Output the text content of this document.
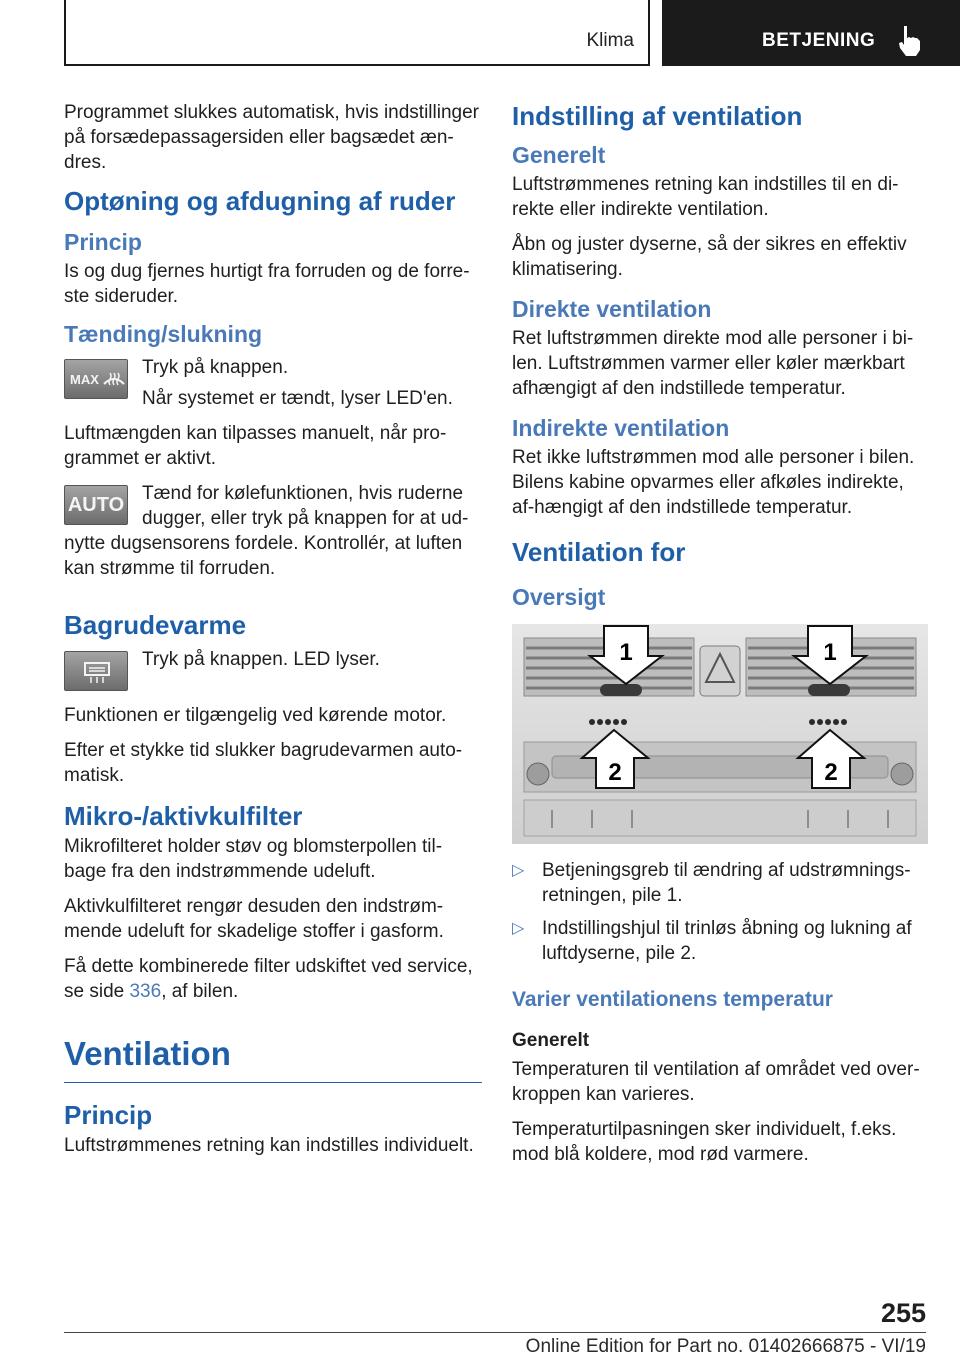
Klima	BETJENING

Programmet slukkes automatisk, hvis indstillinger på forsædepassagersiden eller bagsædet æn-dres.

Optøning og afdugning af ruder
Princip

Is og dug fjernes hurtigt fra forruden og de forre-ste sideruder.

Tænding/slukning
MAX

Tryk på knappen.

Når systemet er tændt, lyser LED'en.

Luftmængden kan tilpasses manuelt, når pro-grammet er aktivt.

AUTO Tænd for kølefunktionen, hvis ruderne dugger, eller tryk på knappen for at ud-nytte dugsensorens fordele. Kontrollér, at luften kan strømme til forruden.

Bagrudevarme

Tryk på knappen. LED lyser.

Funktionen er tilgængelig ved kørende motor.

Efter et stykke tid slukker bagrudevarmen auto-matisk.

Mikro-/aktivkulfilter

Mikrofilteret holder støv og blomsterpollen til-bage fra den indstrømmende udeluft.

Aktivkulfilteret rengør desuden den indstrøm-mende udeluft for skadelige stoffer i gasform.

Få dette kombinerede filter udskiftet ved service, se side 336, af bilen.

Ventilation
Princip

Luftstrømmenes retning kan indstilles individuelt.

Indstilling af ventilation
Generelt

Luftstrømmenes retning kan indstilles til en di-rekte eller indirekte ventilation.

Åbn og juster dyserne, så der sikres en effektiv klimatisering.

Direkte ventilation

Ret luftstrømmen direkte mod alle personer i bi-len. Luftstrømmen varmer eller køler mærkbart afhængigt af den indstillede temperatur.

Indirekte ventilation

Ret ikke luftstrømmen mod alle personer i bilen. Bilens kabine opvarmes eller afkøles indirekte, af-hængigt af den indstillede temperatur.

Ventilation for
Oversigt
1	1
2	2
▷ Betjeningsgreb til ændring af udstrømnings-retningen, pile 1.
▷ Indstillingshjul til trinløs åbning og lukning af luftdyserne, pile 2.
Varier ventilationens temperatur
Generelt

Temperaturen til ventilation af området ved over-kroppen kan varieres.

Temperaturtilpasningen sker individuelt, f.eks. mod blå koldere, mod rød varmere.

255
Online Edition for Part no. 01402666875 - VI/19
